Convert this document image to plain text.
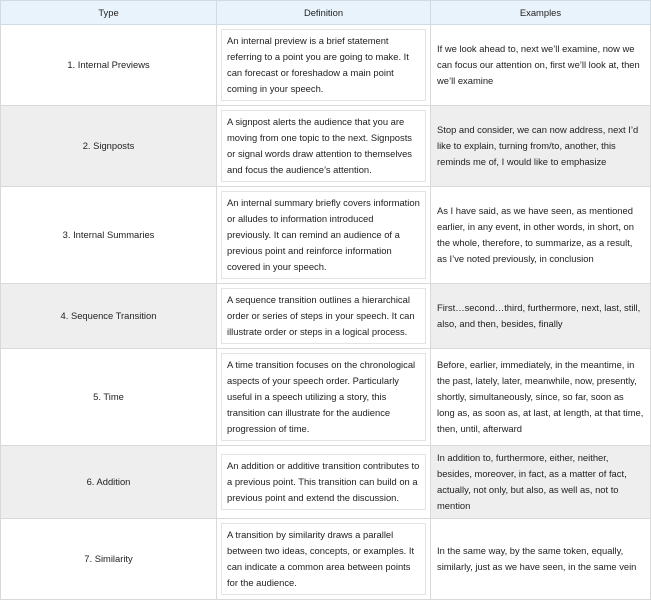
Type	Definition	Examples
1. Internal Previews	An internal preview is a brief statement referring to a point you are going to make. It can forecast or foreshadow a main point coming in your speech.	If we look ahead to, next we’ll examine, now we can focus our attention on, first we’ll look at, then we’ll examine
2. Signposts	A signpost alerts the audience that you are moving from one topic to the next. Signposts or signal words draw attention to themselves and focus the audience’s attention.	Stop and consider, we can now address, next I’d like to explain, turning from/to, another, this reminds me of, I would like to emphasize
3. Internal Summaries	An internal summary briefly covers information or alludes to information introduced previously. It can remind an audience of a previous point and reinforce information covered in your speech.	As I have said, as we have seen, as mentioned earlier, in any event, in other words, in short, on the whole, therefore, to summarize, as a result, as I’ve noted previously, in conclusion
4. Sequence Transition	A sequence transition outlines a hierarchical order or series of steps in your speech. It can illustrate order or steps in a logical process.	First…second…third, furthermore, next, last, still, also, and then, besides, finally
5. Time	A time transition focuses on the chronological aspects of your speech order. Particularly useful in a speech utilizing a story, this transition can illustrate for the audience progression of time.	Before, earlier, immediately, in the meantime, in the past, lately, later, meanwhile, now, presently, shortly, simultaneously, since, so far, soon as long as, as soon as, at last, at length, at that time, then, until, afterward
6. Addition	An addition or additive transition contributes to a previous point. This transition can build on a previous point and extend the discussion.	In addition to, furthermore, either, neither, besides, moreover, in fact, as a matter of fact, actually, not only, but also, as well as, not to mention
7. Similarity	A transition by similarity draws a parallel between two ideas, concepts, or examples. It can indicate a common area between points for the audience.	In the same way, by the same token, equally, similarly, just as we have seen, in the same vein
